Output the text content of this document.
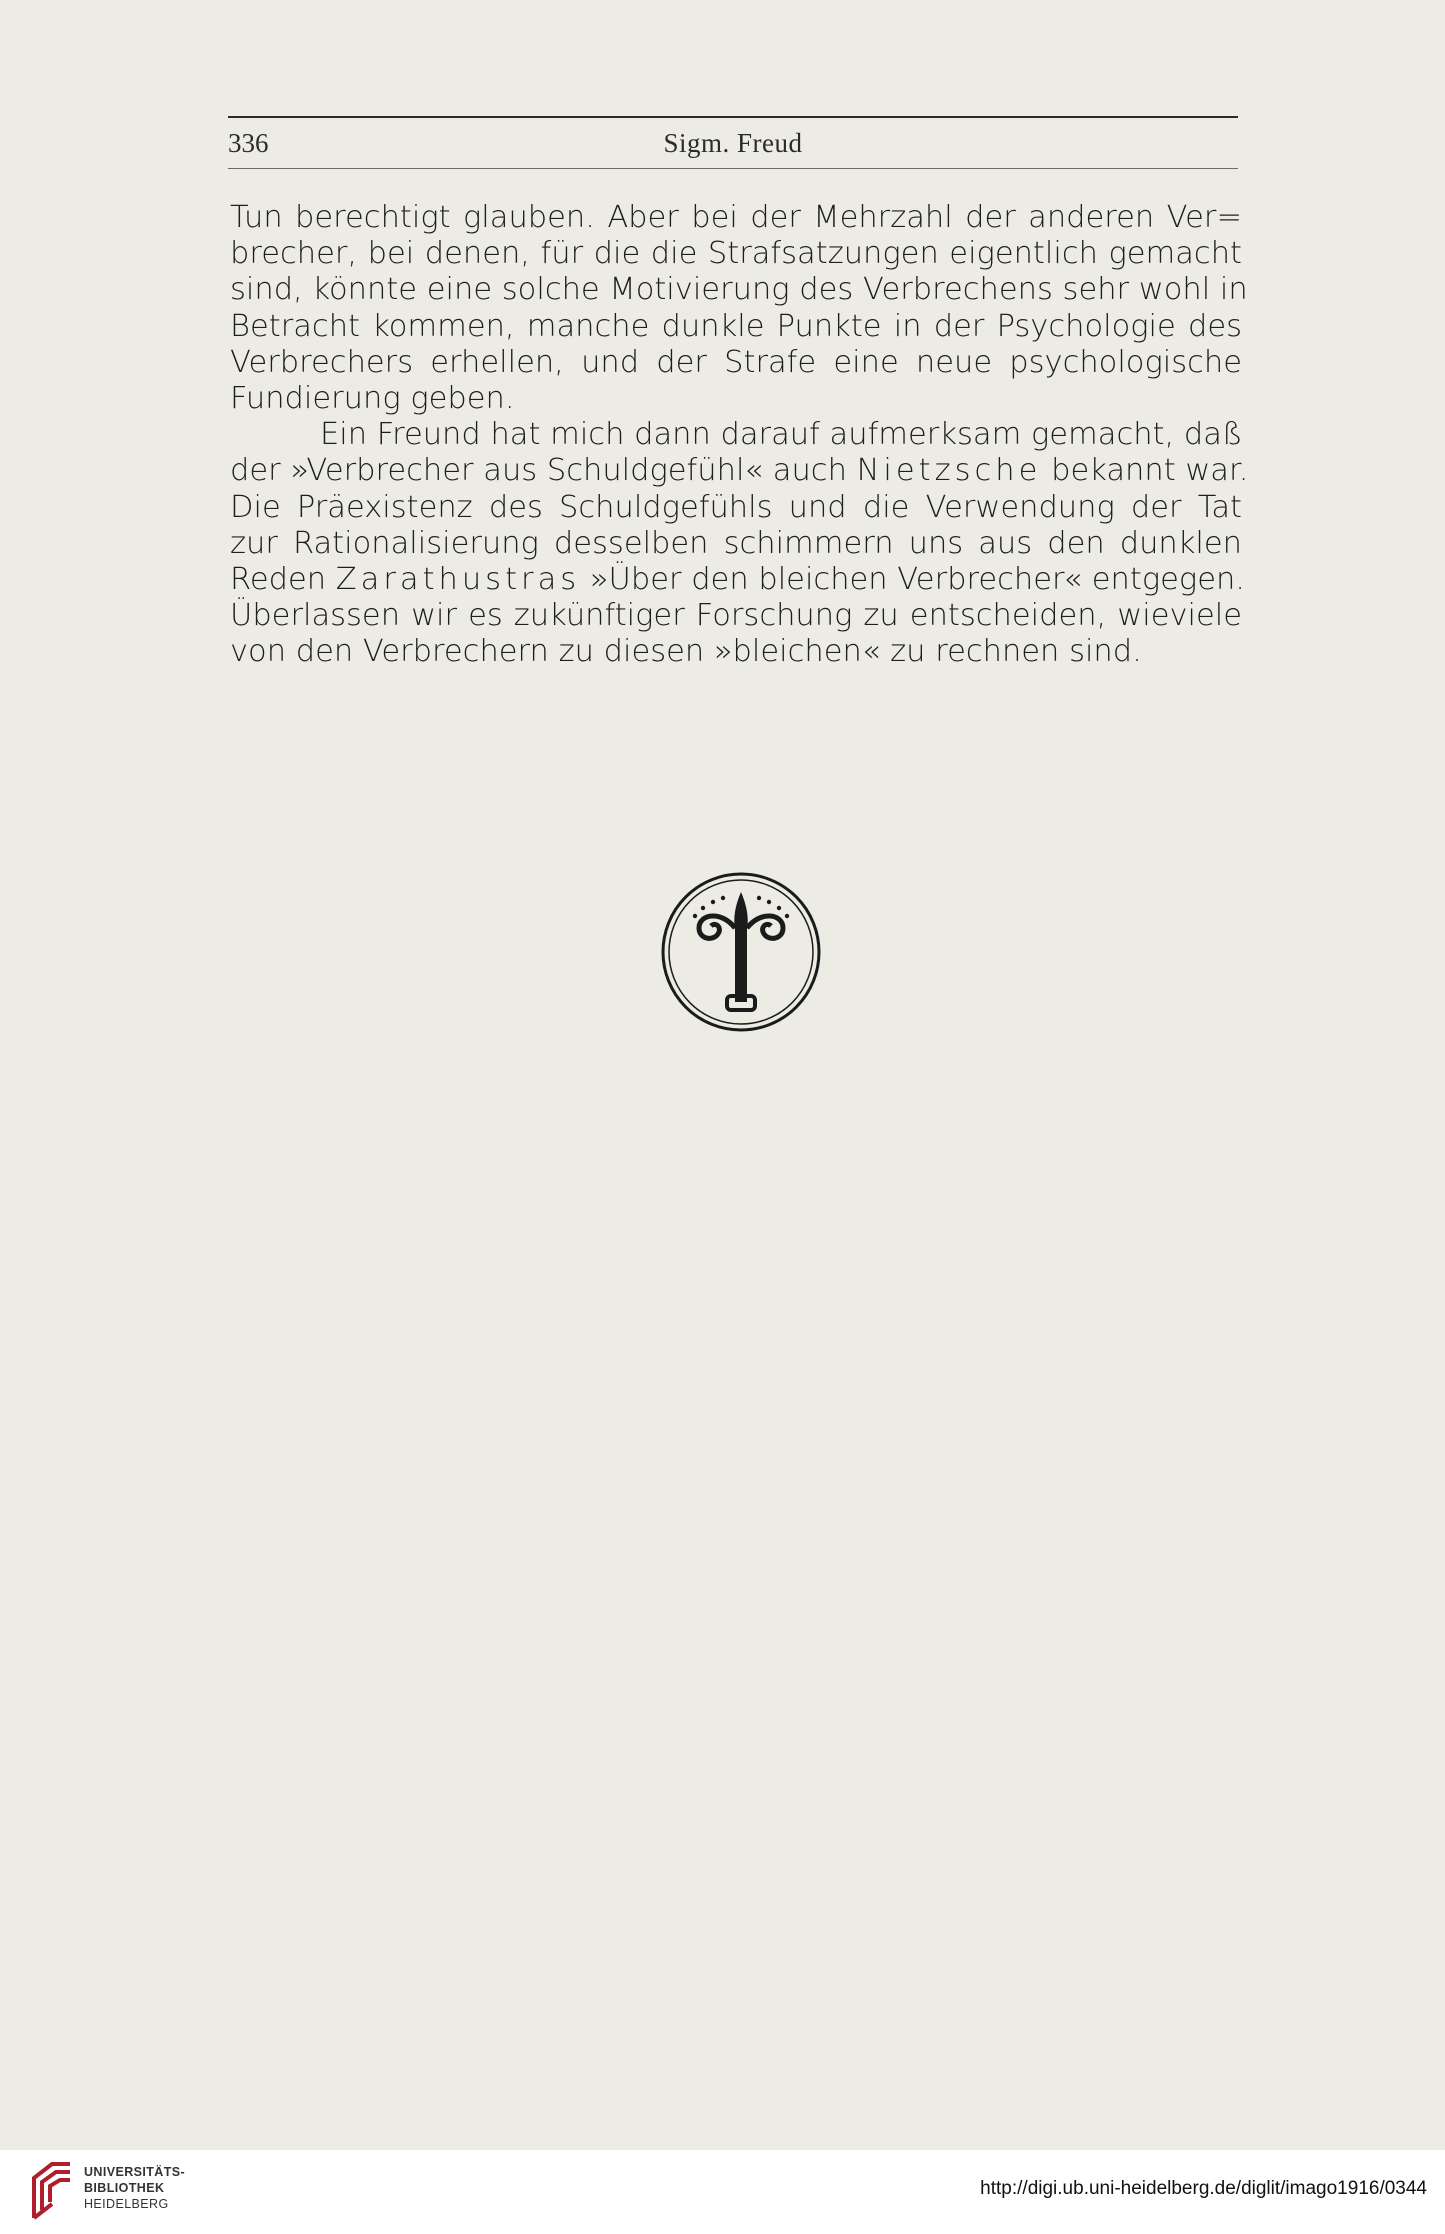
336	Sigm. Freud
Tun berechtigt glauben. Aber bei der Mehrzahl der anderen Ver=
brecher, bei denen, für die die Strafsatzungen eigentlich gemacht
sind, könnte eine solche Motivierung des Verbrechens sehr wohl in
Betracht kommen, manche dunkle Punkte in der Psychologie des
Verbrechers erhellen, und der Strafe eine neue psychologische
Fundierung geben.
Ein Freund hat mich dann darauf aufmerksam gemacht, daß
der »Verbrecher aus Schuldgefühl« auch Nietzsche bekannt war.
Die Präexistenz des Schuldgefühls und die Verwendung der Tat
zur Rationalisierung desselben schimmern uns aus den dunklen
Reden Zarathustras »Über den bleichen Verbrecher« entgegen.
Überlassen wir es zukünftiger Forschung zu entscheiden, wieviele
von den Verbrechern zu diesen »bleichen« zu rechnen sind.
UNIVERSITÄTS-
BIBLIOTHEK
HEIDELBERG
http://digi.ub.uni-heidelberg.de/diglit/imago1916/0344
